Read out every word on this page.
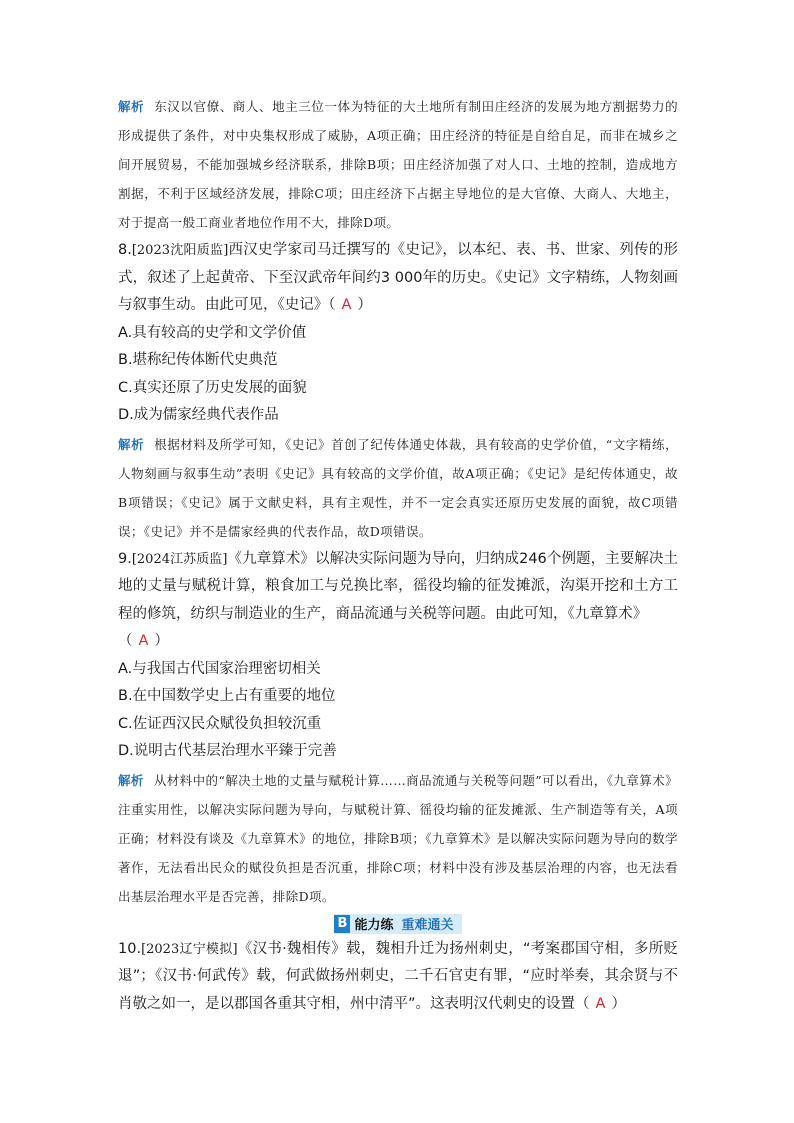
解析 东汉以官僚、商人、地主三位一体为特征的大土地所有制田庄经济的发展为地方割据势力的形成提供了条件，对中央集权形成了威胁，A项正确；田庄经济的特征是自给自足，而非在城乡之间开展贸易，不能加强城乡经济联系，排除B项；田庄经济加强了对人口、土地的控制，造成地方割据，不利于区域经济发展，排除C项；田庄经济下占据主导地位的是大官僚、大商人、大地主，对于提高一般工商业者地位作用不大，排除D项。

8.[2023沈阳质监]西汉史学家司马迁撰写的《史记》，以本纪、表、书、世家、列传的形式，叙述了上起黄帝、下至汉武帝年间约3 000年的历史。《史记》文字精练，人物刻画与叙事生动。由此可见，《史记》（ A ）

A.具有较高的史学和文学价值
B.堪称纪传体断代史典范
C.真实还原了历史发展的面貌
D.成为儒家经典代表作品

解析 根据材料及所学可知，《史记》首创了纪传体通史体裁，具有较高的史学价值，“文字精练，人物刻画与叙事生动”表明《史记》具有较高的文学价值，故A项正确；《史记》是纪传体通史，故B项错误；《史记》属于文献史料，具有主观性，并不一定会真实还原历史发展的面貌，故C项错误；《史记》并不是儒家经典的代表作品，故D项错误。

9.[2024江苏质监]《九章算术》以解决实际问题为导向，归纳成246个例题，主要解决土地的丈量与赋税计算，粮食加工与兑换比率，徭役均输的征发摊派，沟渠开挖和土方工程的修筑，纺织与制造业的生产，商品流通与关税等问题。由此可知，《九章算术》
（ A ）

A.与我国古代国家治理密切相关
B.在中国数学史上占有重要的地位
C.佐证西汉民众赋役负担较沉重
D.说明古代基层治理水平臻于完善

解析 从材料中的“解决土地的丈量与赋税计算……商品流通与关税等问题”可以看出，《九章算术》注重实用性，以解决实际问题为导向，与赋税计算、徭役均输的征发摊派、生产制造等有关，A项正确；材料没有谈及《九章算术》的地位，排除B项；《九章算术》是以解决实际问题为导向的数学著作，无法看出民众的赋役负担是否沉重，排除C项；材料中没有涉及基层治理的内容，也无法看出基层治理水平是否完善，排除D项。

B 能力练 重难通关

10.[2023辽宁模拟]《汉书·魏相传》载，魏相升迁为扬州刺史，“考案郡国守相，多所贬退”；《汉书·何武传》载，何武做扬州刺史，二千石官吏有罪，“应时举奏，其余贤与不肖敬之如一，是以郡国各重其守相，州中清平”。这表明汉代刺史的设置（ A ）
